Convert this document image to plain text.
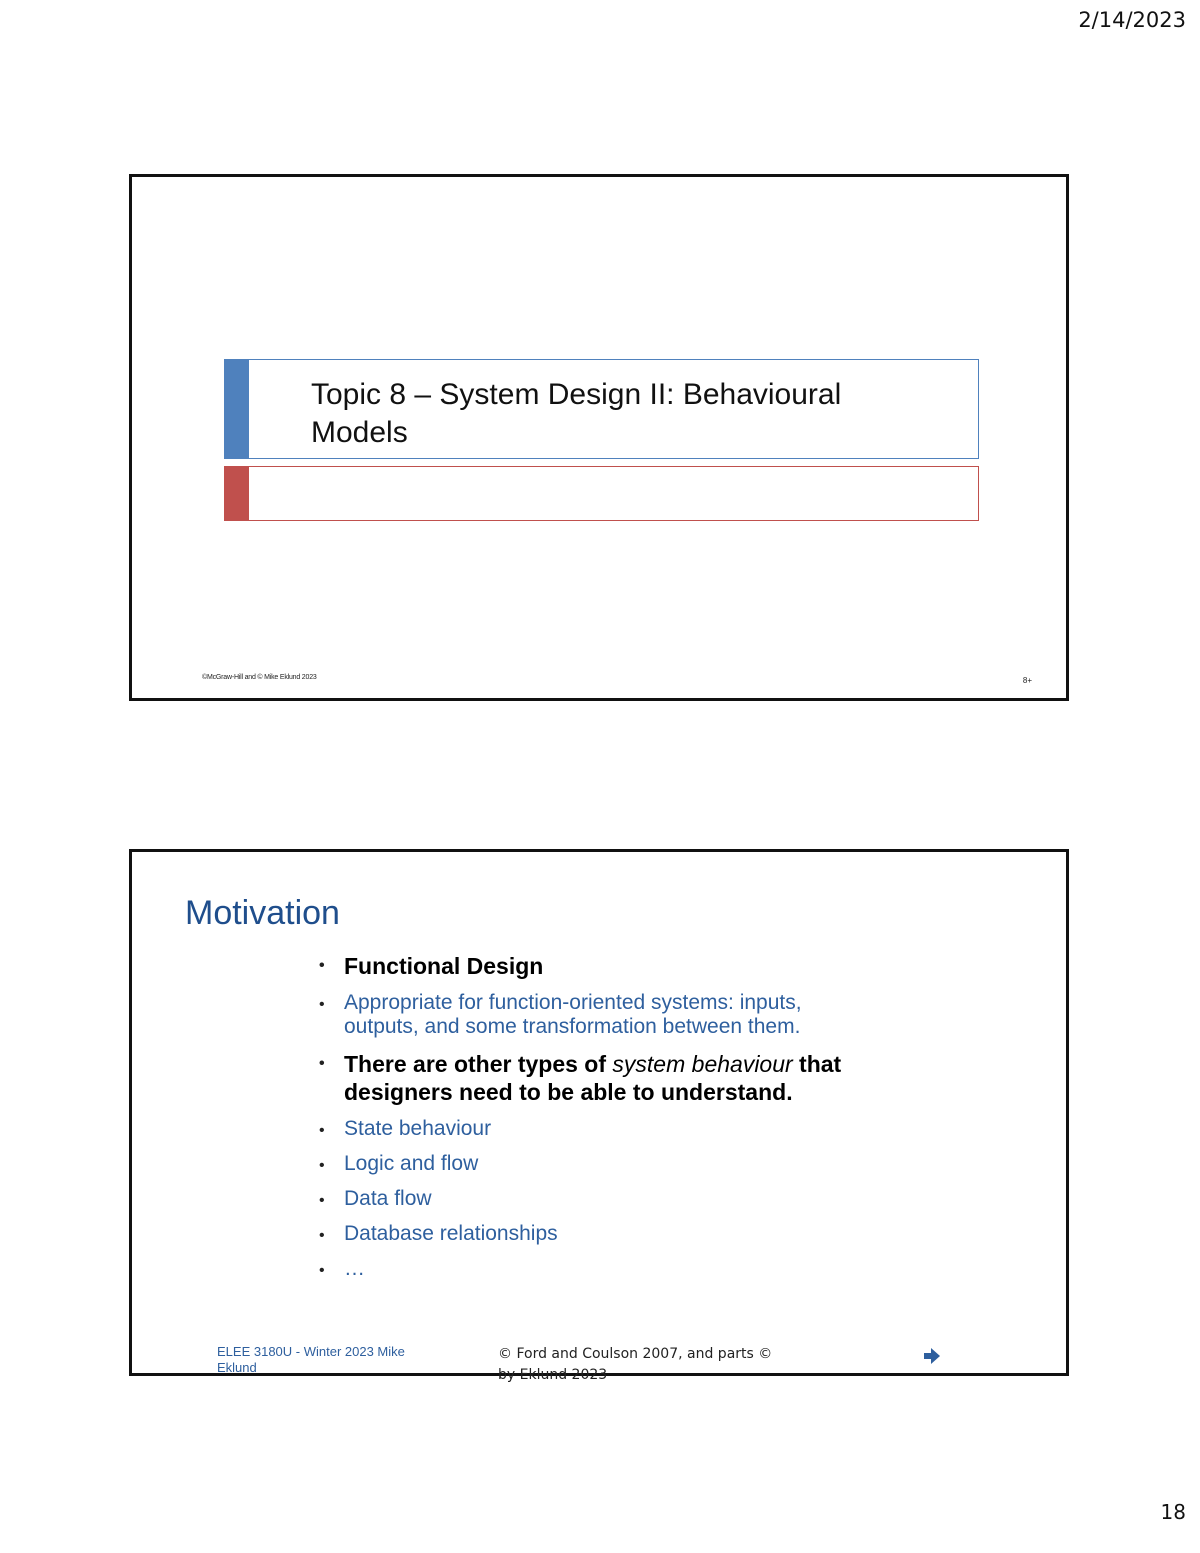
2/14/2023
Topic 8 – System Design II: Behavioural Models
©McGraw-Hill and © Mike Eklund 2023	8+
Motivation
• Functional Design
• Appropriate for function-oriented systems: inputs, outputs, and some transformation between them.
• There are other types of system behaviour that designers need to be able to understand.
• State behaviour
• Logic and flow
• Data flow
• Database relationships
• …
ELEE 3180U - Winter 2023 Mike Eklund
© Ford and Coulson 2007, and parts © by Eklund 2023
18
